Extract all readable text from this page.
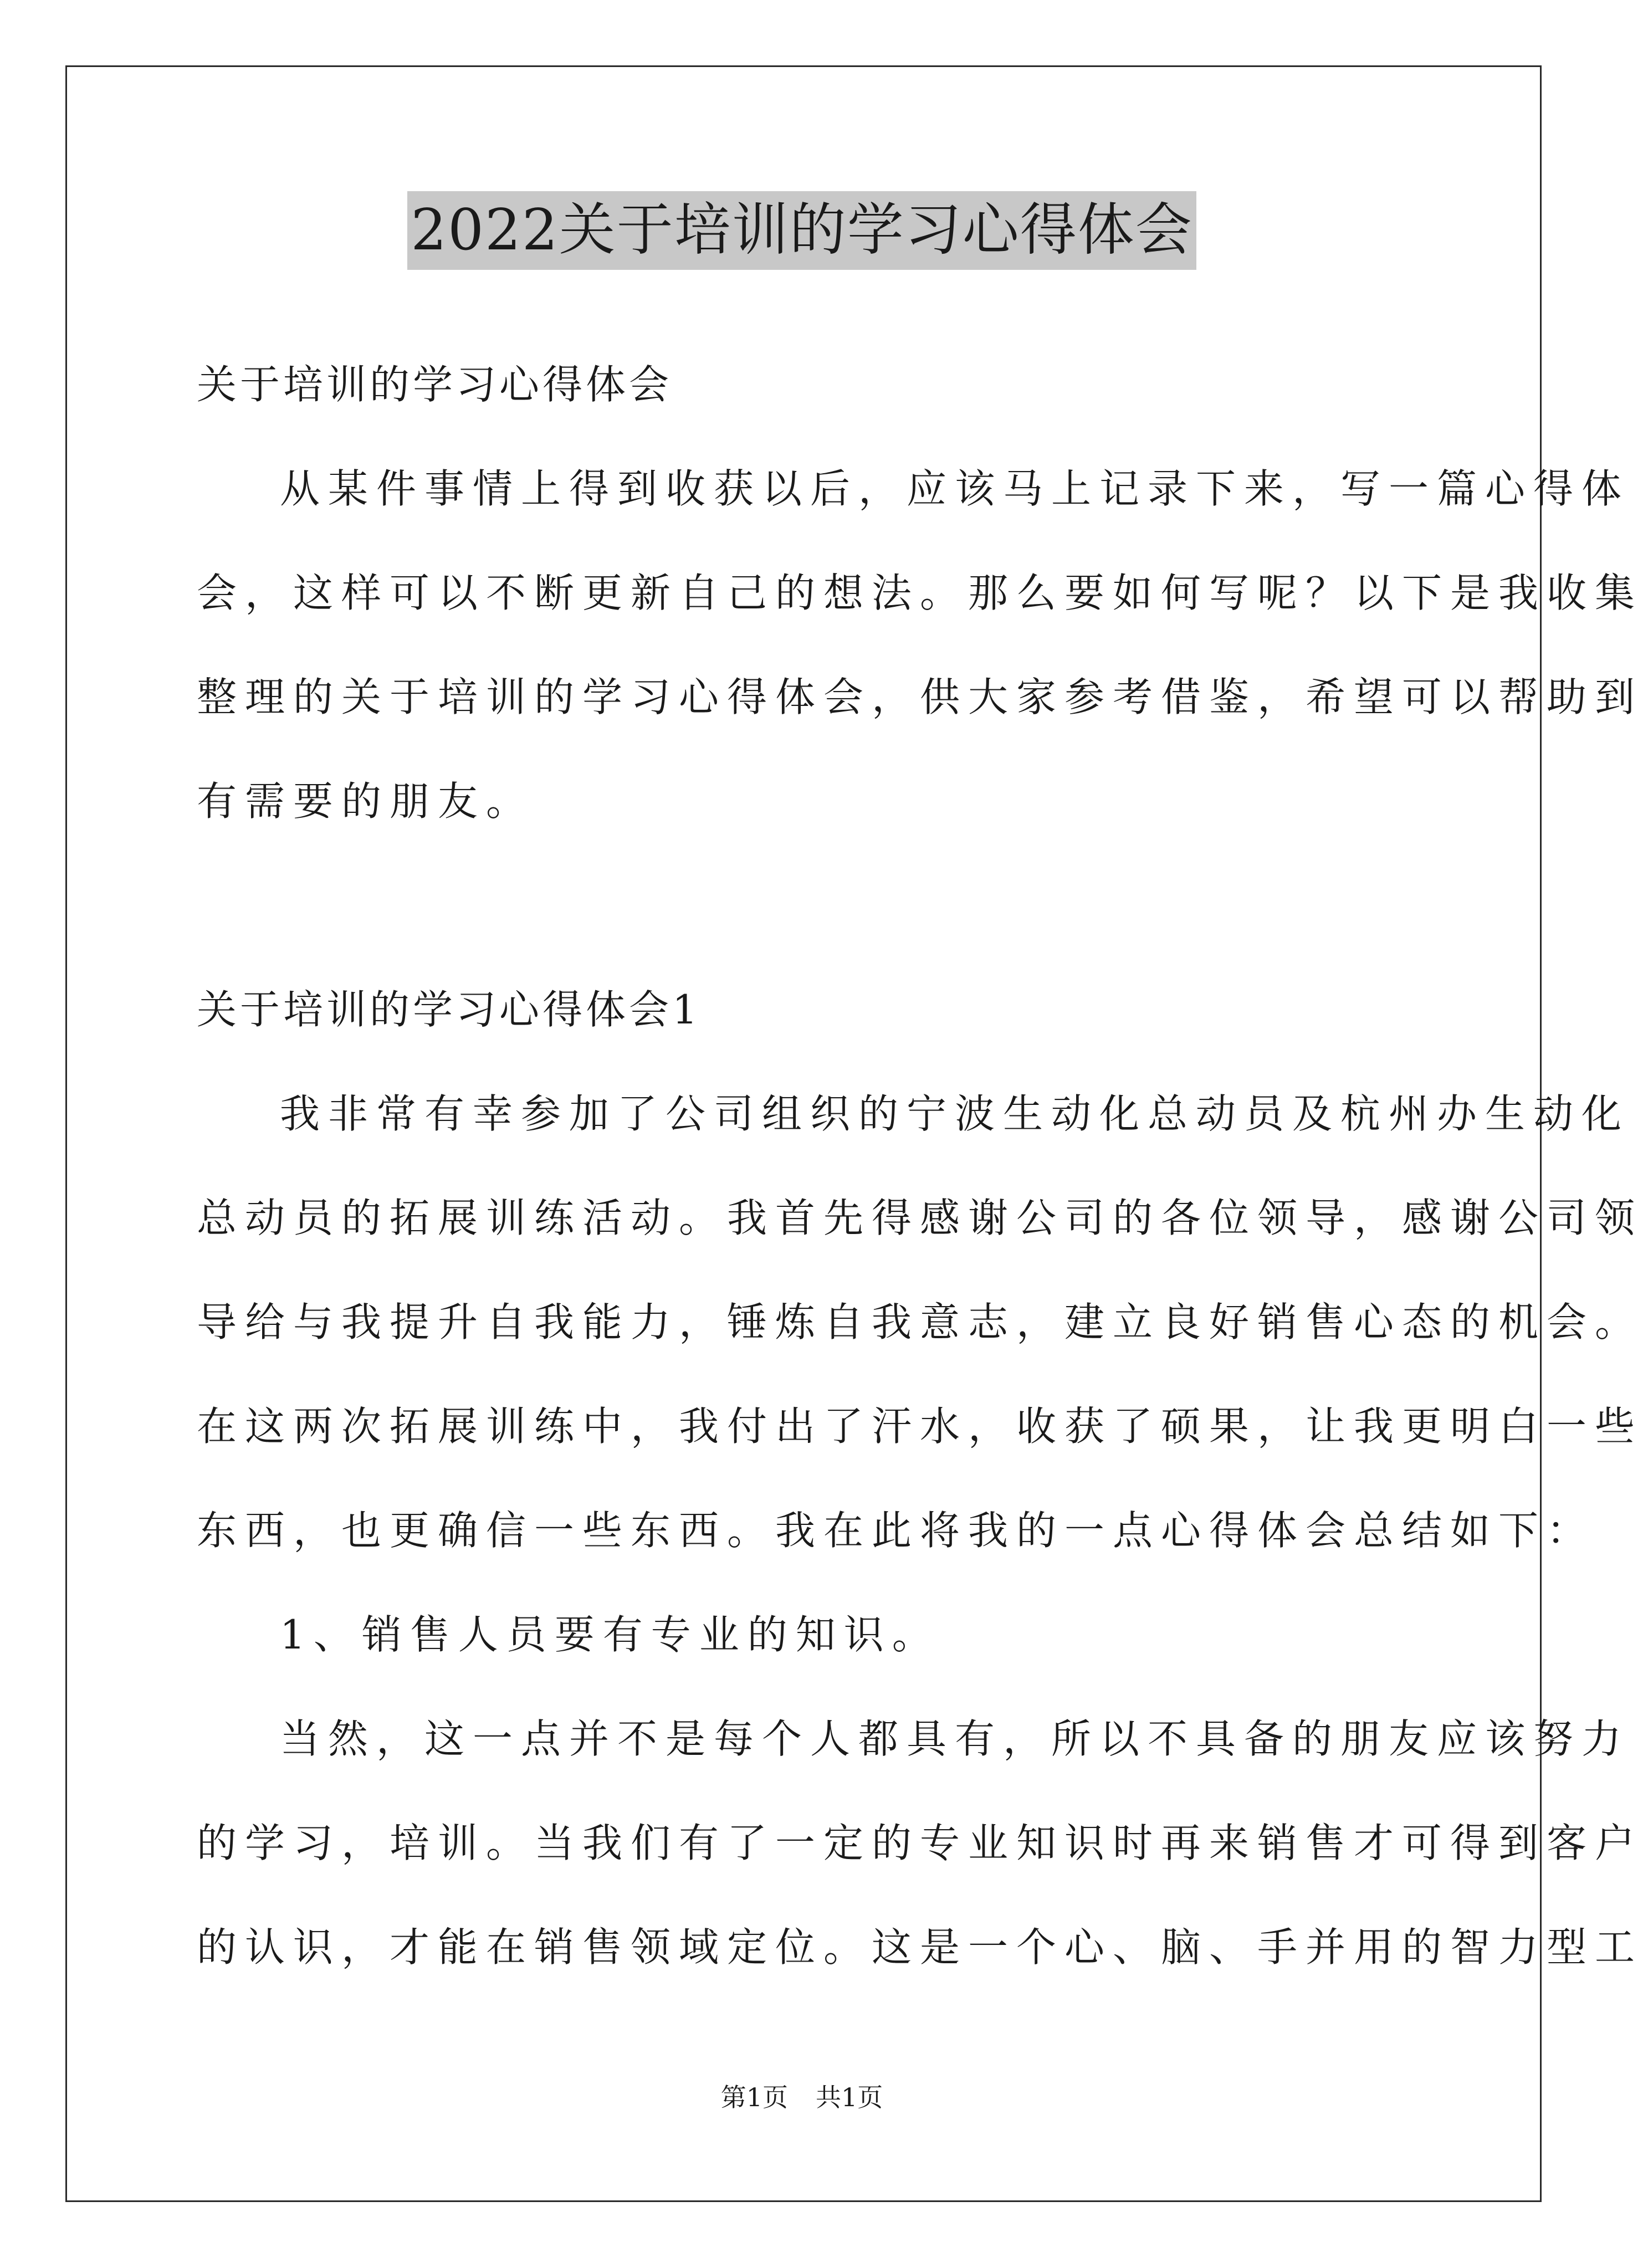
2022关于培训的学习心得体会
关于培训的学习心得体会
从某件事情上得到收获以后，应该马上记录下来，写一篇心得体
会，这样可以不断更新自己的想法。那么要如何写呢？以下是我收集
整理的关于培训的学习心得体会，供大家参考借鉴，希望可以帮助到
有需要的朋友。
关于培训的学习心得体会1
我非常有幸参加了公司组织的宁波生动化总动员及杭州办生动化
总动员的拓展训练活动。我首先得感谢公司的各位领导，感谢公司领
导给与我提升自我能力，锤炼自我意志，建立良好销售心态的机会。
在这两次拓展训练中，我付出了汗水，收获了硕果，让我更明白一些
东西，也更确信一些东西。我在此将我的一点心得体会总结如下：
1、销售人员要有专业的知识。
当然，这一点并不是每个人都具有，所以不具备的朋友应该努力
的学习，培训。当我们有了一定的专业知识时再来销售才可得到客户
的认识，才能在销售领域定位。这是一个心、脑、手并用的智力型工
第1页 共1页
